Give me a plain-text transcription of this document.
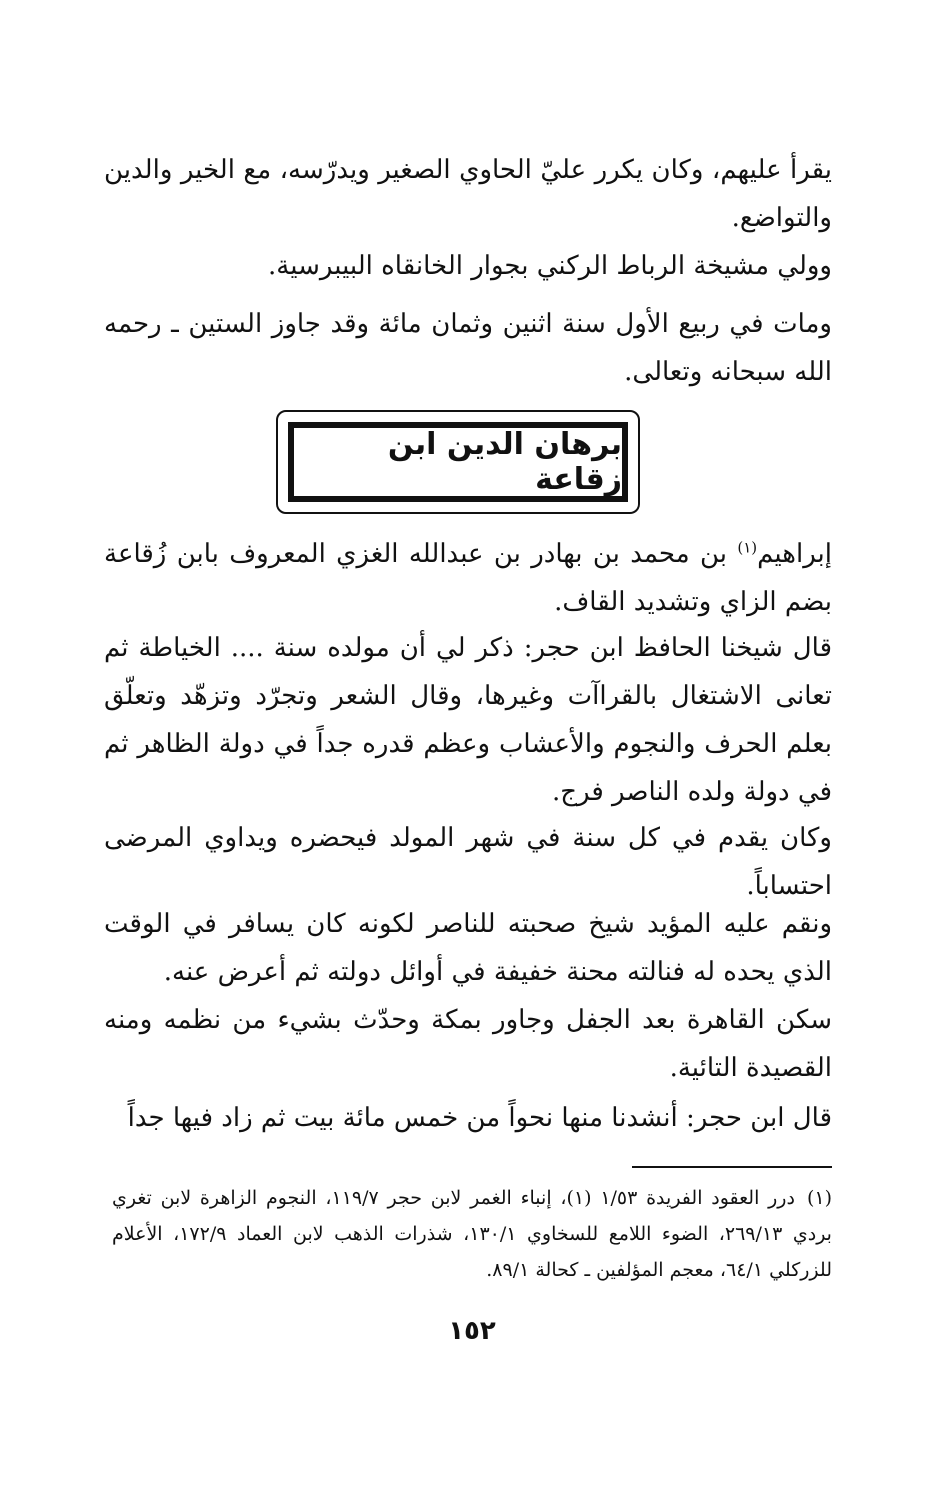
يقرأ عليهم، وكان يكرر عليّ الحاوي الصغير ويدرّسه، مع الخير والدين والتواضع.

وولي مشيخة الرباط الركني بجوار الخانقاه البيبرسية.

ومات في ربيع الأول سنة اثنين وثمان مائة وقد جاوز الستين ـ رحمه الله سبحانه وتعالى.

برهان الدين ابن زقاعة

إبراهيم$^{(١)}$ بن محمد بن بهادر بن عبدالله الغزي المعروف بابن زُقاعة بضم الزاي وتشديد القاف.

قال شيخنا الحافظ ابن حجر: ذكر لي أن مولده سنة .... الخياطة ثم تعانى الاشتغال بالقراآت وغيرها، وقال الشعر وتجرّد وتزهّد وتعلّق بعلم الحرف والنجوم والأعشاب وعظم قدره جداً في دولة الظاهر ثم في دولة ولده الناصر فرج.

وكان يقدم في كل سنة في شهر المولد فيحضره ويداوي المرضى احتساباً.

ونقم عليه المؤيد شيخ صحبته للناصر لكونه كان يسافر في الوقت الذي يحده له فنالته محنة خفيفة في أوائل دولته ثم أعرض عنه.

سكن القاهرة بعد الجفل وجاور بمكة وحدّث بشيء من نظمه ومنه القصيدة التائية.

قال ابن حجر: أنشدنا منها نحواً من خمس مائة بيت ثم زاد فيها جداً

(١)درر العقود الفريدة ١/٥٣ (١)، إنباء الغمر لابن حجر ١١٩/٧، النجوم الزاهرة لابن تغري بردي ٢٦٩/١٣، الضوء اللامع للسخاوي ١٣٠/١، شذرات الذهب لابن العماد ١٧٢/٩، الأعلام للزركلي ٦٤/١، معجم المؤلفين ـ كحالة ٨٩/١.

١٥٢
